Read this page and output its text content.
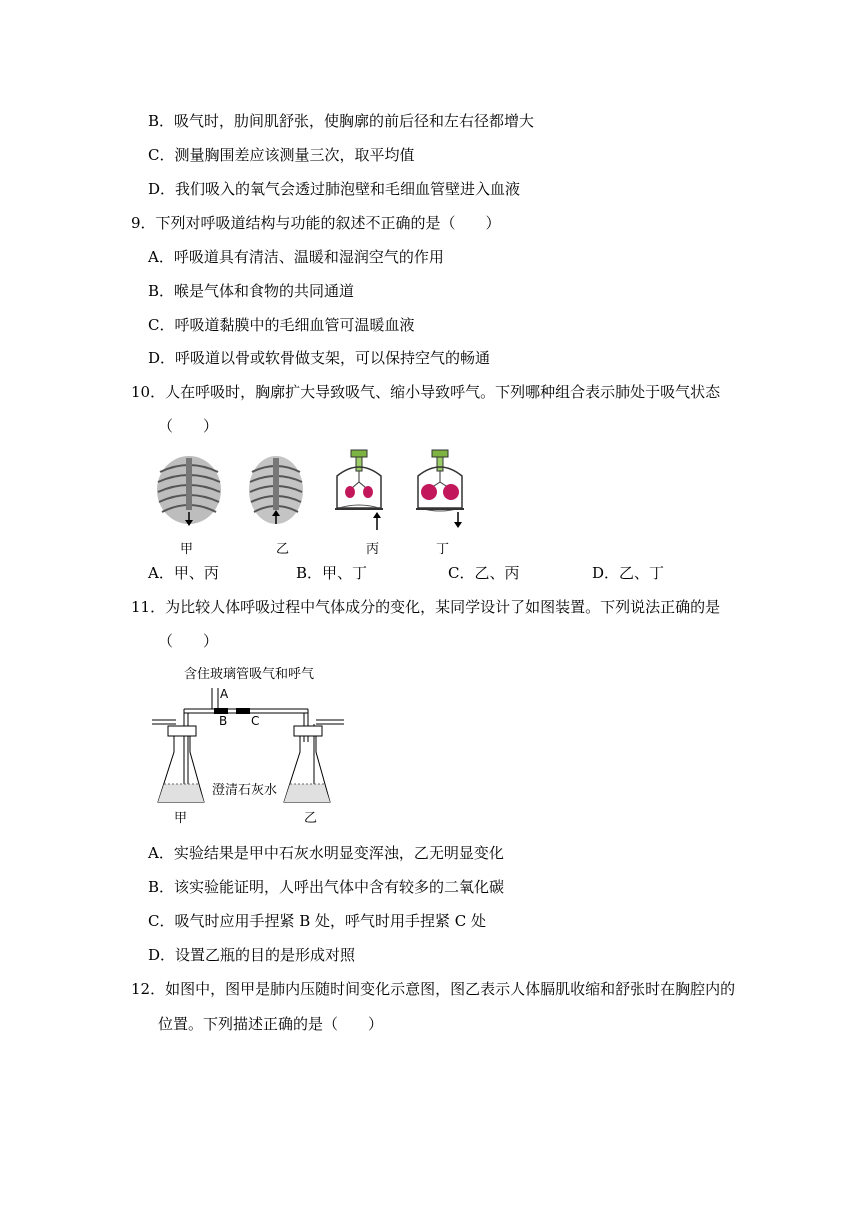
B．吸气时，肋间肌舒张，使胸廓的前后径和左右径都增大
C．测量胸围差应该测量三次，取平均值
D．我们吸入的氧气会透过肺泡壁和毛细血管壁进入血液
9．下列对呼吸道结构与功能的叙述不正确的是（　　）
A．呼吸道具有清洁、温暖和湿润空气的作用
B．喉是气体和食物的共同通道
C．呼吸道黏膜中的毛细血管可温暖血液
D．呼吸道以骨或软骨做支架，可以保持空气的畅通
10．人在呼吸时，胸廓扩大导致吸气、缩小导致呼气。下列哪种组合表示肺处于吸气状态
（　　）
甲	乙	丙	丁
A．甲、丙	B．甲、丁	C．乙、丙	D．乙、丁
11．为比较人体呼吸过程中气体成分的变化，某同学设计了如图装置。下列说法正确的是
（　　）
含住玻璃管吸气和呼气
A
B C
澄清石灰水
甲	乙
A．实验结果是甲中石灰水明显变浑浊，乙无明显变化
B．该实验能证明，人呼出气体中含有较多的二氧化碳
C．吸气时应用手捏紧 B 处，呼气时用手捏紧 C 处
D．设置乙瓶的目的是形成对照
12．如图中，图甲是肺内压随时间变化示意图，图乙表示人体膈肌收缩和舒张时在胸腔内的
位置。下列描述正确的是（　　）
